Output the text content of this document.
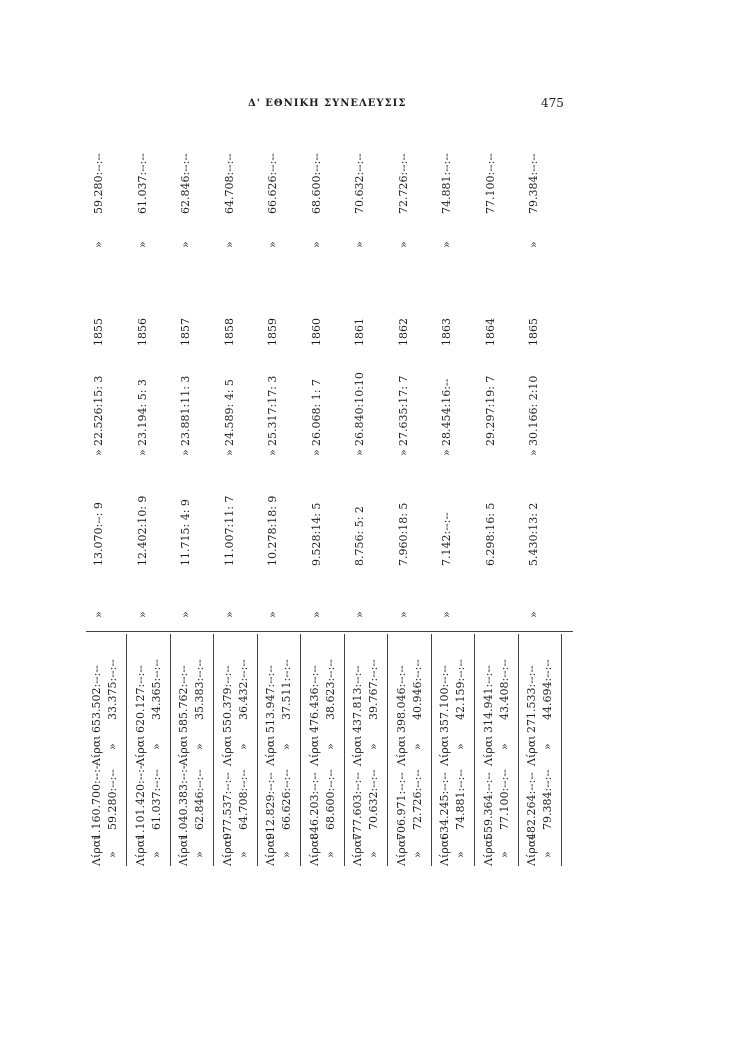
Δ' ΕΘΝΙΚΗ ΣΥΝΕΛΕΥΣΙΣ	475
Λίραι
1.160.700:--:--
Λίραι
653.502:--:--
»
59.280:--:--
»
33.375:--:--
»
13.070:--: 9
»
22.526:15: 3
1855
»
59.280:--:--
Λίραι
1.101.420:--:--
Λίραι
620.127:--:--
»
61.037:--:--
»
34.365:--:--
»
12.402:10: 9
»
23.194: 5: 3
1856
»
61.037:--:--
Λίραι
1.040.383:--:--
Λίραι
585.762:--:--
»
62.846:--:--
»
35.383:--:--
»
11.715: 4: 9
»
23.881:11: 3
1857
»
62.846:--:--
Λίραι
977.537:--:--
Λίραι
550.379:--:--
»
64.708:--:--
»
36.432:--:--
»
11.007:11: 7
»
24.589: 4: 5
1858
»
64.708:--:--
Λίραι
912.829:--:--
Λίραι
513.947:--:--
»
66.626:--:--
»
37.511:--:--
»
10.278:18: 9
»
25.317:17: 3
1859
»
66.626:--:--
Λίραι
846.203:--:--
Λίραι
476.436:--:--
»
68.600:--:--
»
38.623:--:--
»
9.528:14: 5
»
26.068: 1: 7
1860
»
68.600:--:--
Λίραι
777.603:--:--
Λίραι
437.813:--:--
»
70.632:--:--
»
39.767:--:--
»
8.756: 5: 2
»
26.840:10:10
1861
»
70.632:--:--
Λίραι
706.971:--:--
Λίραι
398.046:--:--
»
72.726:--:--
»
40.946:--:--
»
7.960:18: 5
»
27.635:17: 7
1862
»
72.726:--:--
Λίραι
634.245:--:--
Λίραι
357.100:--:--
»
74.881:--:--
»
42.159:--:--
»
7.142:--:--
»
28.454:16:--
1863
»
74.881:--:--
Λίραι
559.364:--:--
Λίραι
314.941:--:--
»
77.100:--:--
»
43.408:--:--
6.298:16: 5
29.297:19: 7
1864
77.100:--:--
Λίραι
482.264:--:--
Λίραι
271.533:--:--
»
79.384:--:--
»
44.694:--:--
»
5.430:13: 2
»
30.166: 2:10
1865
»
79.384:--:--
